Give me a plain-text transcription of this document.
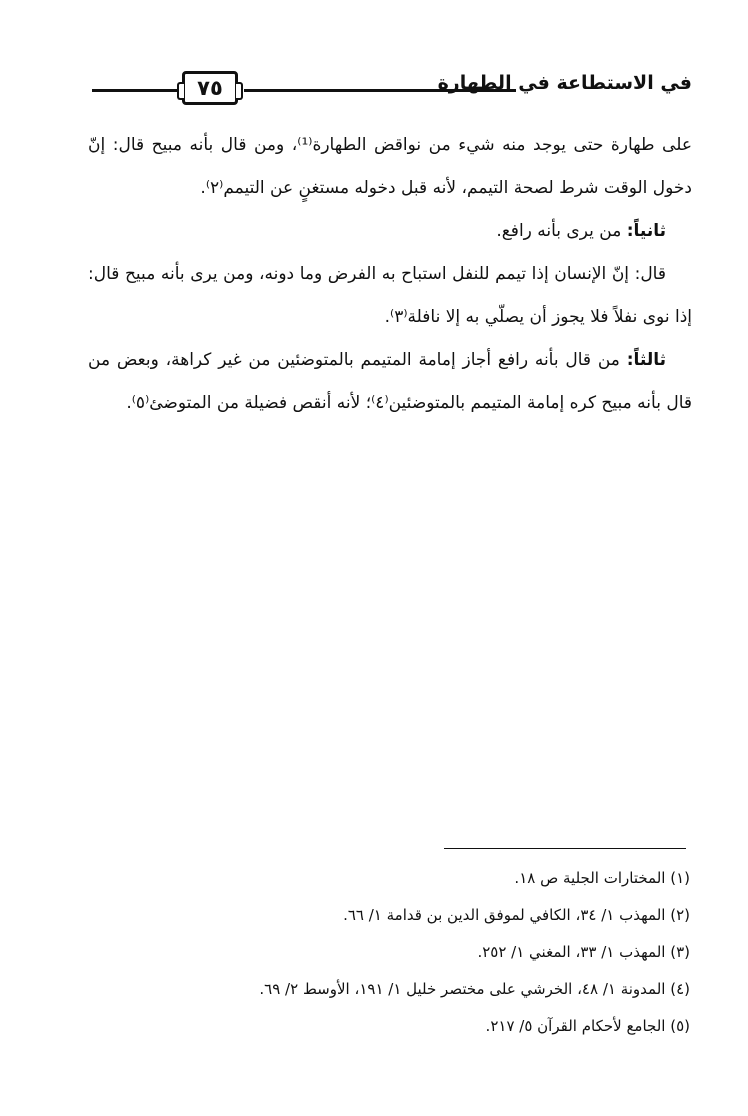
في الاستطاعة في الطهارة
٧٥

على طهارة حتى يوجد منه شيء من نواقض الطهارة⁽¹⁾، ومن قال بأنه مبيح قال: إنّ دخول الوقت شرط لصحة التيمم، لأنه قبل دخوله مستغنٍ عن التيمم⁽٢⁾.

ثانياً: من يرى بأنه رافع.

قال: إنّ الإنسان إذا تيمم للنفل استباح به الفرض وما دونه، ومن يرى بأنه مبيح قال: إذا نوى نفلاً فلا يجوز أن يصلّي به إلا نافلة⁽٣⁾.

ثالثاً: من قال بأنه رافع أجاز إمامة المتيمم بالمتوضئين من غير كراهة، وبعض من قال بأنه مبيح كره إمامة المتيمم بالمتوضئين⁽٤⁾؛ لأنه أنقص فضيلة من المتوضئ⁽٥⁾.

(١) المختارات الجلية ص ١٨.

(٢) المهذب ١/ ٣٤، الكافي لموفق الدين بن قدامة ١/ ٦٦.

(٣) المهذب ١/ ٣٣، المغني ١/ ٢٥٢.

(٤) المدونة ١/ ٤٨، الخرشي على مختصر خليل ١/ ١٩١، الأوسط ٢/ ٦٩.

(٥) الجامع لأحكام القرآن ٥/ ٢١٧.
